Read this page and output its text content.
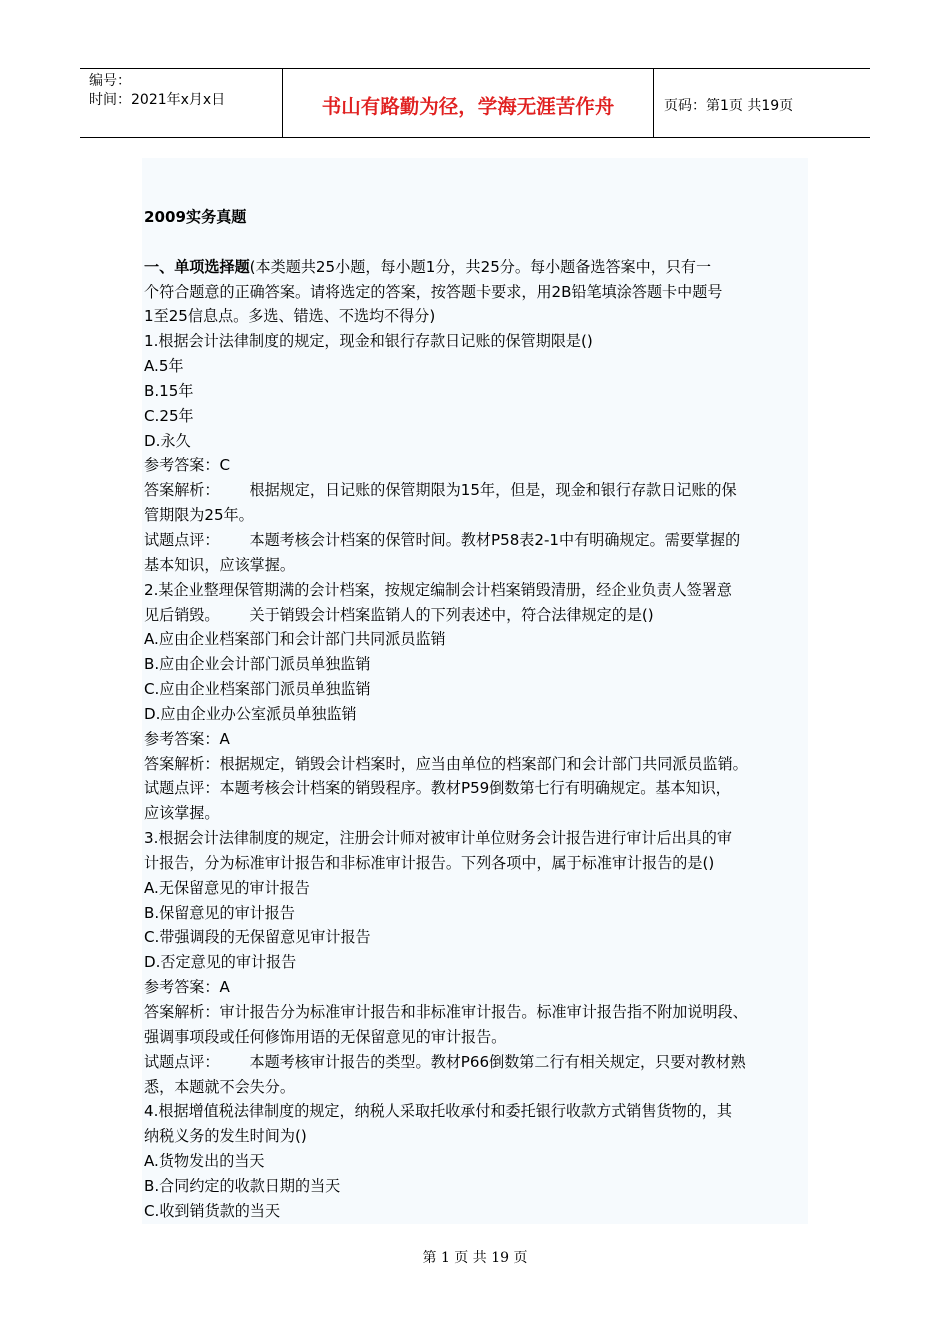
编号：
时间：2021年x月x日	书山有路勤为径，学海无涯苦作舟	页码：第1页 共19页

2009实务真题

一、单项选择题(本类题共25小题，每小题1分，共25分。每小题备选答案中，只有一

个符合题意的正确答案。请将选定的答案，按答题卡要求，用2B铅笔填涂答题卡中题号

1至25信息点。多选、错选、不选均不得分)

1.根据会计法律制度的规定，现金和银行存款日记账的保管期限是()

A.5年

B.15年

C.25年

D.永久

参考答案：C

答案解析： 根据规定，日记账的保管期限为15年，但是，现金和银行存款日记账的保

管期限为25年。

试题点评： 本题考核会计档案的保管时间。教材P58表2-1中有明确规定。需要掌握的

基本知识，应该掌握。

2.某企业整理保管期满的会计档案，按规定编制会计档案销毁清册，经企业负责人签署意

见后销毁。 关于销毁会计档案监销人的下列表述中，符合法律规定的是()

A.应由企业档案部门和会计部门共同派员监销

B.应由企业会计部门派员单独监销

C.应由企业档案部门派员单独监销

D.应由企业办公室派员单独监销

参考答案：A

答案解析：根据规定，销毁会计档案时，应当由单位的档案部门和会计部门共同派员监销。

试题点评：本题考核会计档案的销毁程序。教材P59倒数第七行有明确规定。基本知识，

应该掌握。

3.根据会计法律制度的规定，注册会计师对被审计单位财务会计报告进行审计后出具的审

计报告，分为标准审计报告和非标准审计报告。下列各项中，属于标准审计报告的是()

A.无保留意见的审计报告

B.保留意见的审计报告

C.带强调段的无保留意见审计报告

D.否定意见的审计报告

参考答案：A

答案解析：审计报告分为标准审计报告和非标准审计报告。标准审计报告指不附加说明段、

强调事项段或任何修饰用语的无保留意见的审计报告。

试题点评： 本题考核审计报告的类型。教材P66倒数第二行有相关规定，只要对教材熟

悉，本题就不会失分。

4.根据增值税法律制度的规定，纳税人采取托收承付和委托银行收款方式销售货物的，其

纳税义务的发生时间为()

A.货物发出的当天

B.合同约定的收款日期的当天

C.收到销货款的当天

第 1 页 共 19 页
